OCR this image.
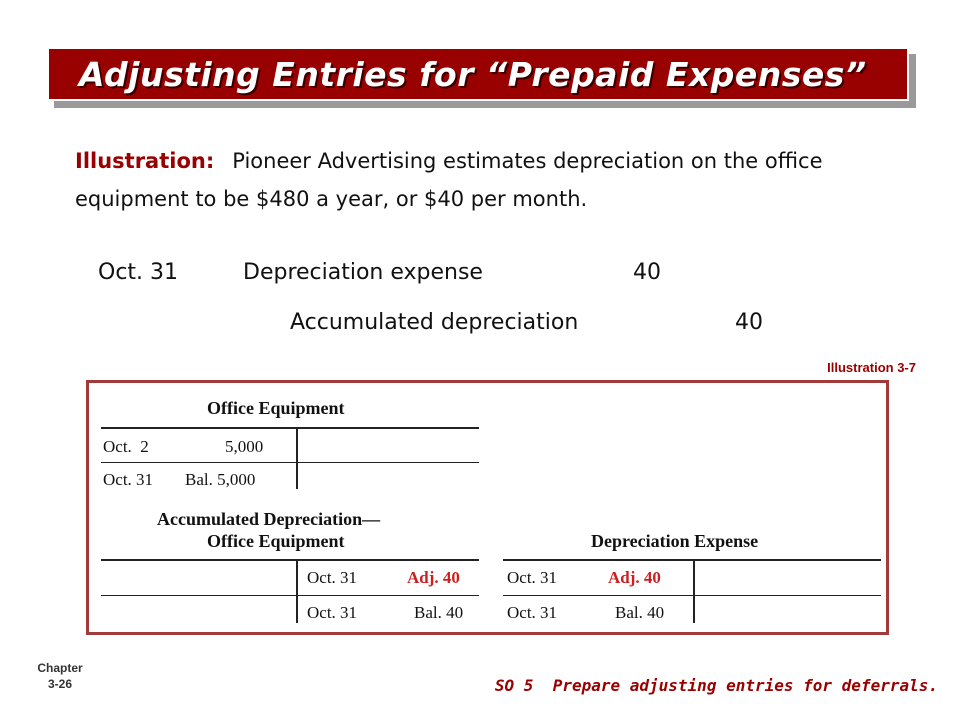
Adjusting Entries for “Prepaid Expenses”
Illustration: Pioneer Advertising estimates depreciation on the office equipment to be $480 a year, or $40 per month.
Oct. 31	Depreciation expense	40
Accumulated depreciation	40
Illustration 3-7
Office Equipment
Oct.  2	5,000
Oct. 31 Bal. 5,000
Accumulated Depreciation—
Office Equipment
Oct. 31	Adj. 40
Oct. 31	Bal. 40
Depreciation Expense
Oct. 31	Adj. 40
Oct. 31	Bal. 40
Chapter
3-26	SO 5  Prepare adjusting entries for deferrals.
